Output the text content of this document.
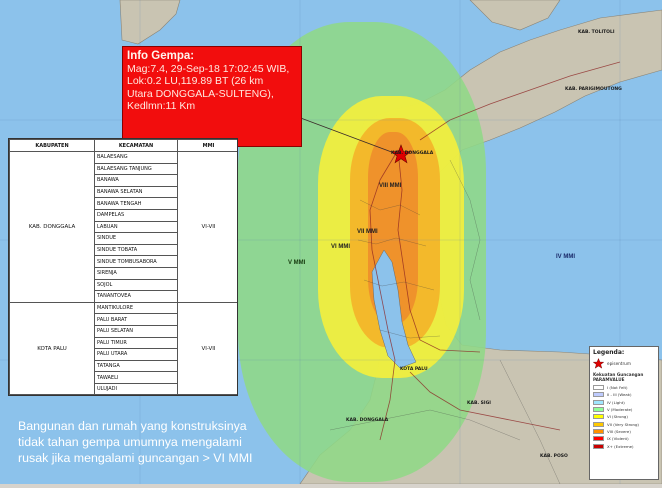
VIII MMI
VII MMI
VI MMI
V MMI
IV MMI
KAB. DONGGALA
KOTA PALU
KAB. DONGGALA
KAB. SIGI
KAB. POSO
KAB. TOLITOLI
KAB. PARIGIMOUTONG
Info Gempa:
Mag:7.4, 29-Sep-18 17:02:45 WIB,
Lok:0.2 LU,119.89 BT (26 km
Utara DONGGALA-SULTENG),
Kedlmn:11 Km
KABUPATEN	KECAMATAN	MMI
KAB. DONGGALA	BALAESANG	VI-VII
	BALAESANG TANJUNG	
	BANAWA	
	BANAWA SELATAN	
	BANAWA TENGAH	
	DAMPELAS	
	LABUAN	
	SINDUE	
	SINDUE TOBATA	
	SINDUE TOMBUSABORA	
	SIRENJA	
	SOJOL	
	TANANTOVEA	
KOTA PALU	MANTIKULORE	VI-VII
	PALU BARAT	
	PALU SELATAN	
	PALU TIMUR	
	PALU UTARA	
	TATANGA	
	TAWAELI	
	ULUJADI	
Bangunan dan rumah yang konstruksinya
tidak tahan gempa umumnya mengalami
rusak jika mengalami guncangan > VI MMI
Legenda:
episentrum
Kekuatan Guncangan
PARAMVALUE
I (Not Felt)
II - III (Weak)
IV (Light)
V (Moderate)
VI (Strong)
VII (Very Strong)
VIII (Severe)
IX (Violent)
X+ (Extreme)
